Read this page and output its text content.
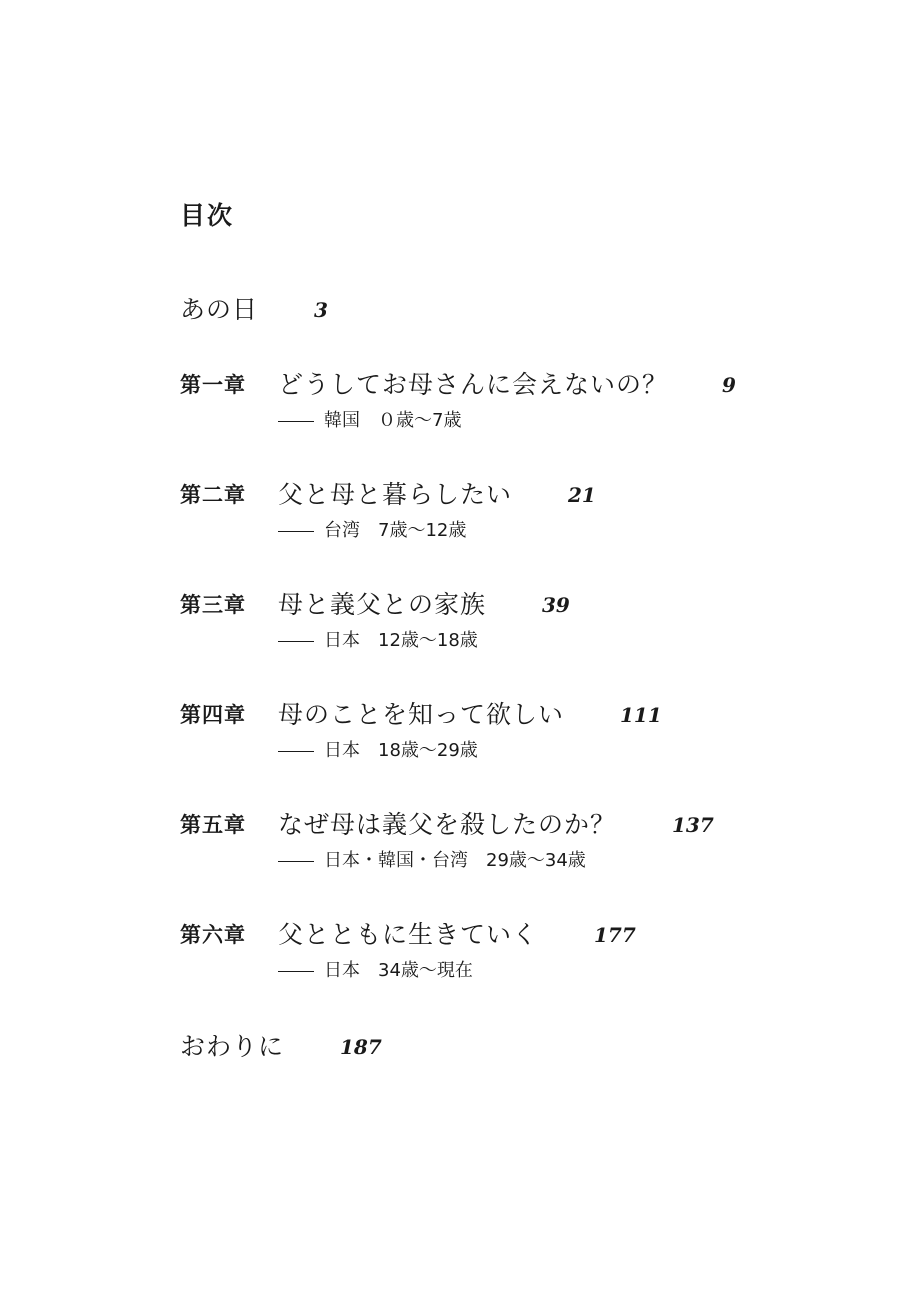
目次
あの日	3
第一章	どうしてお母さんに会えないの？	9
韓国　０歳〜7歳
第二章	父と母と暮らしたい	21
台湾　7歳〜12歳
第三章	母と義父との家族	39
日本　12歳〜18歳
第四章	母のことを知って欲しい	111
日本　18歳〜29歳
第五章	なぜ母は義父を殺したのか？	137
日本・韓国・台湾　29歳〜34歳
第六章	父とともに生きていく	177
日本　34歳〜現在
おわりに	187
